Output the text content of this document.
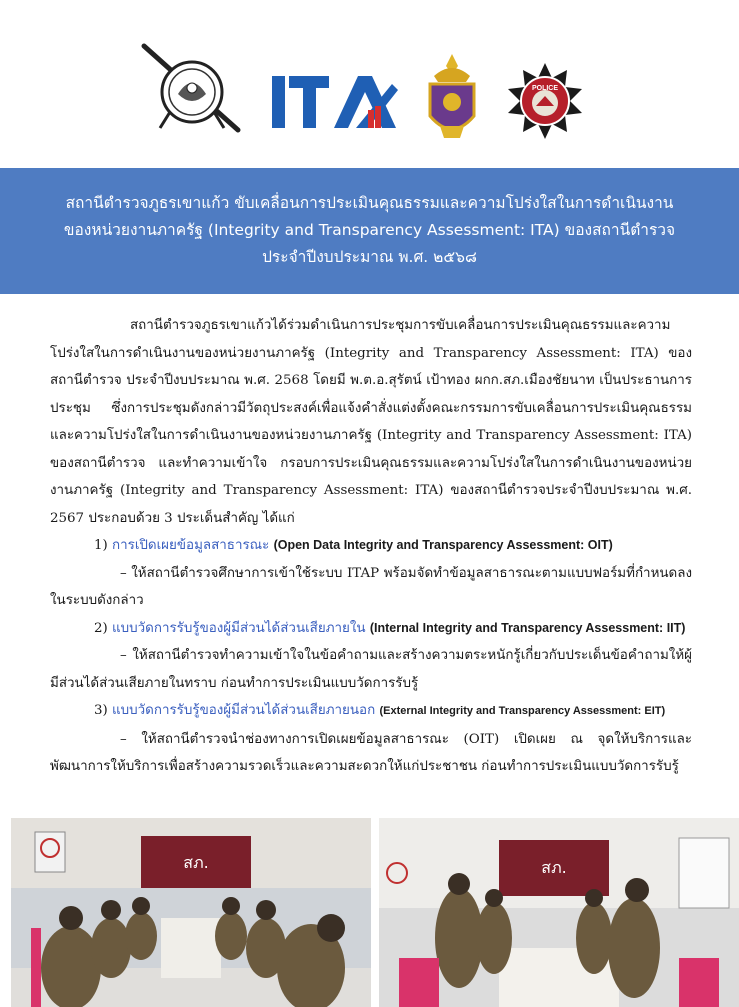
POLICE
สถานีตำรวจภูธรเขาแก้ว ขับเคลื่อนการประเมินคุณธรรมและความโปร่งใสในการดำเนินงาน
ของหน่วยงานภาครัฐ (Integrity and Transparency Assessment: ITA) ของสถานีตำรวจ
ประจำปีงบประมาณ พ.ศ. ๒๕๖๘

สถานีตำรวจภูธรเขาแก้วได้ร่วมดำเนินการประชุมการขับเคลื่อนการประเมินคุณธรรมและความโปร่งใสในการดำเนินงานของหน่วยงานภาครัฐ (Integrity and Transparency Assessment: ITA) ของสถานีตำรวจ ประจำปีงบประมาณ พ.ศ. 2568 โดยมี พ.ต.อ.สุรัตน์ เป้าทอง ผกก.สภ.เมืองชัยนาท เป็นประธานการประชุม ซึ่งการประชุมดังกล่าวมีวัตถุประสงค์เพื่อแจ้งคำสั่งแต่งตั้งคณะกรรมการขับเคลื่อนการประเมินคุณธรรมและความโปร่งใสในการดำเนินงานของหน่วยงานภาครัฐ (Integrity and Transparency Assessment: ITA) ของสถานีตำรวจ และทำความเข้าใจ กรอบการประเมินคุณธรรมและความโปร่งใสในการดำเนินงานของหน่วยงานภาครัฐ (Integrity and Transparency Assessment: ITA) ของสถานีตำรวจประจำปีงบประมาณ พ.ศ. 2567 ประกอบด้วย 3 ประเด็นสำคัญ ได้แก่

1) การเปิดเผยข้อมูลสาธารณะ (Open Data Integrity and Transparency Assessment: OIT)

– ให้สถานีตำรวจศึกษาการเข้าใช้ระบบ ITAP พร้อมจัดทำข้อมูลสาธารณะตามแบบฟอร์มที่กำหนดลงในระบบดังกล่าว

2) แบบวัดการรับรู้ของผู้มีส่วนได้ส่วนเสียภายใน (Internal Integrity and Transparency Assessment: IIT)

– ให้สถานีตำรวจทำความเข้าใจในข้อคำถามและสร้างความตระหนักรู้เกี่ยวกับประเด็นข้อคำถามให้ผู้มีส่วนได้ส่วนเสียภายในทราบ ก่อนทำการประเมินแบบวัดการรับรู้

3) แบบวัดการรับรู้ของผู้มีส่วนได้ส่วนเสียภายนอก (External Integrity and Transparency Assessment: EIT)

– ให้สถานีตำรวจนำช่องทางการเปิดเผยข้อมูลสาธารณะ (OIT) เปิดเผย ณ จุดให้บริการและพัฒนาการให้บริการเพื่อสร้างความรวดเร็วและความสะดวกให้แก่ประชาชน ก่อนทำการประเมินแบบวัดการรับรู้

สภ.	สภ.
